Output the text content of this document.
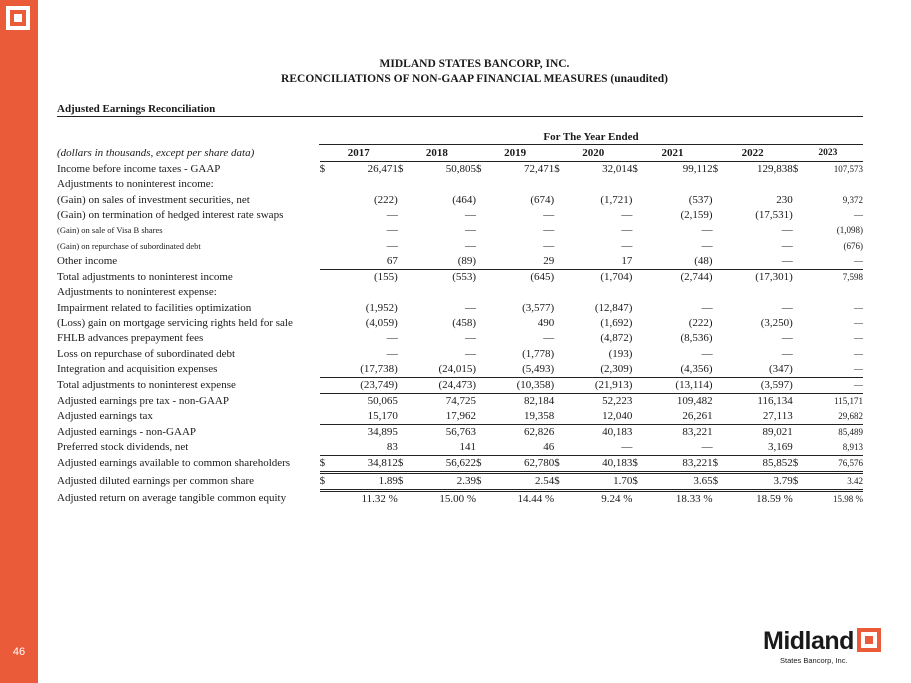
46
MIDLAND STATES BANCORP, INC.
RECONCILIATIONS OF NON-GAAP FINANCIAL MEASURES (unaudited)
Adjusted Earnings Reconciliation
For The Year Ended
(dollars in thousands, except per share data)	2017		2018		2019		2020		2021		2022		2023	
Income before income taxes - GAAP	$	26,471	$	50,805	$	72,471	$	32,014	$	99,112	$	129,838	$	107,573
Adjustments to noninterest income:														
(Gain) on sales of investment securities, net		(222)		(464)		(674)		(1,721)		(537)		230		9,372
(Gain) on termination of hedged interest rate swaps		—		—		—		—		(2,159)		(17,531)		—
(Gain) on sale of Visa B shares		—		—		—		—		—		—		(1,098)
(Gain) on repurchase of subordinated debt		—		—		—		—		—		—		(676)
Other income		67		(89)		29		17		(48)		—		—
Total adjustments to noninterest income		(155)		(553)		(645)		(1,704)		(2,744)		(17,301)		7,598
Adjustments to noninterest expense:														
Impairment related to facilities optimization		(1,952)		—		(3,577)		(12,847)		—		—		—
(Loss) gain on mortgage servicing rights held for sale		(4,059)		(458)		490		(1,692)		(222)		(3,250)		—
FHLB advances prepayment fees		—		—		—		(4,872)		(8,536)		—		—
Loss on repurchase of subordinated debt		—		—		(1,778)		(193)		—		—		—
Integration and acquisition expenses		(17,738)		(24,015)		(5,493)		(2,309)		(4,356)		(347)		—
Total adjustments to noninterest expense		(23,749)		(24,473)		(10,358)		(21,913)		(13,114)		(3,597)		—
Adjusted earnings pre tax - non-GAAP		50,065		74,725		82,184		52,223		109,482		116,134		115,171
Adjusted earnings tax		15,170		17,962		19,358		12,040		26,261		27,113		29,682
Adjusted earnings - non-GAAP		34,895		56,763		62,826		40,183		83,221		89,021		85,489
Preferred stock dividends, net		83		141		46		—		—		3,169		8,913
Adjusted earnings available to common shareholders	$	34,812	$	56,622	$	62,780	$	40,183	$	83,221	$	85,852	$	76,576
Adjusted diluted earnings per common share	$	1.89	$	2.39	$	2.54	$	1.70	$	3.65	$	3.79	$	3.42
Adjusted return on average tangible common equity		11.32 %		15.00 %		14.44 %		9.24 %		18.33 %		18.59 %		15.98 %
Midland
States Bancorp, Inc.
